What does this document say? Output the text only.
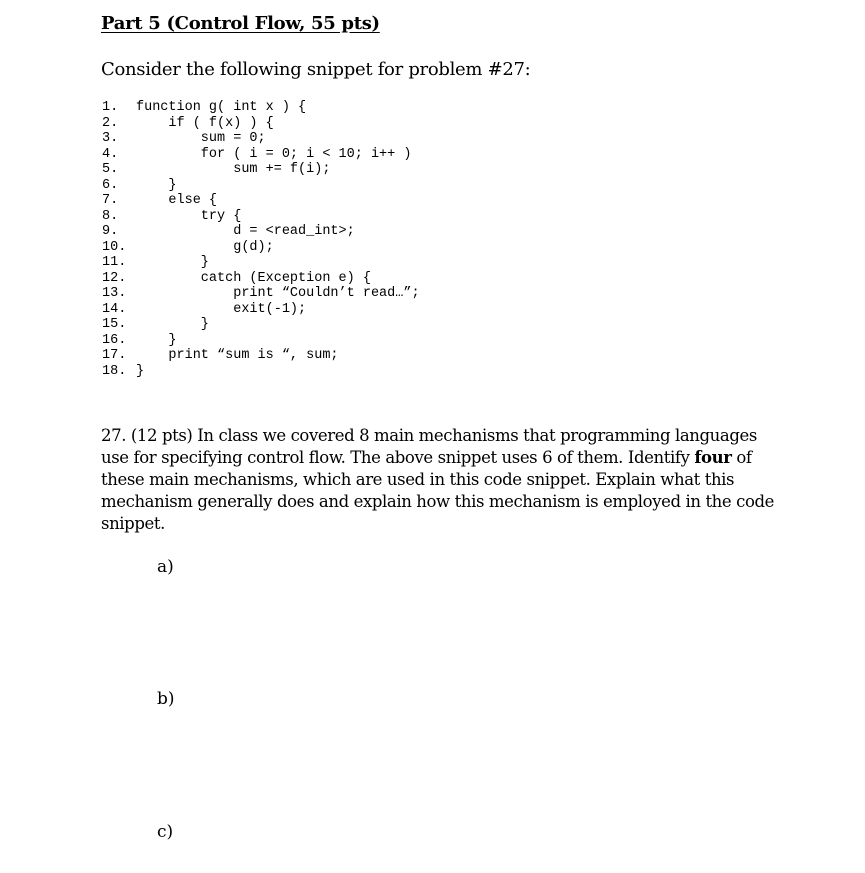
Part 5 (Control Flow, 55 pts)
Consider the following snippet for problem #27:
1. function g( int x ) {
2.    if ( f(x) ) {
3.        sum = 0;
4.        for ( i = 0; i < 10; i++ )
5.            sum += f(i);
6.    }
7.    else {
8.        try {
9.            d = <read_int>;
10.            g(d);
11.        }
12.        catch (Exception e) {
13.            print “Couldn’t read…”;
14.            exit(-1);
15.        }
16.    }
17.    print “sum is “, sum;
18. }
27. (12 pts) In class we covered 8 main mechanisms that programming languages
use for specifying control flow. The above snippet uses 6 of them. Identify four of
these main mechanisms, which are used in this code snippet. Explain what this
mechanism generally does and explain how this mechanism is employed in the code
snippet.
a)
b)
c)
